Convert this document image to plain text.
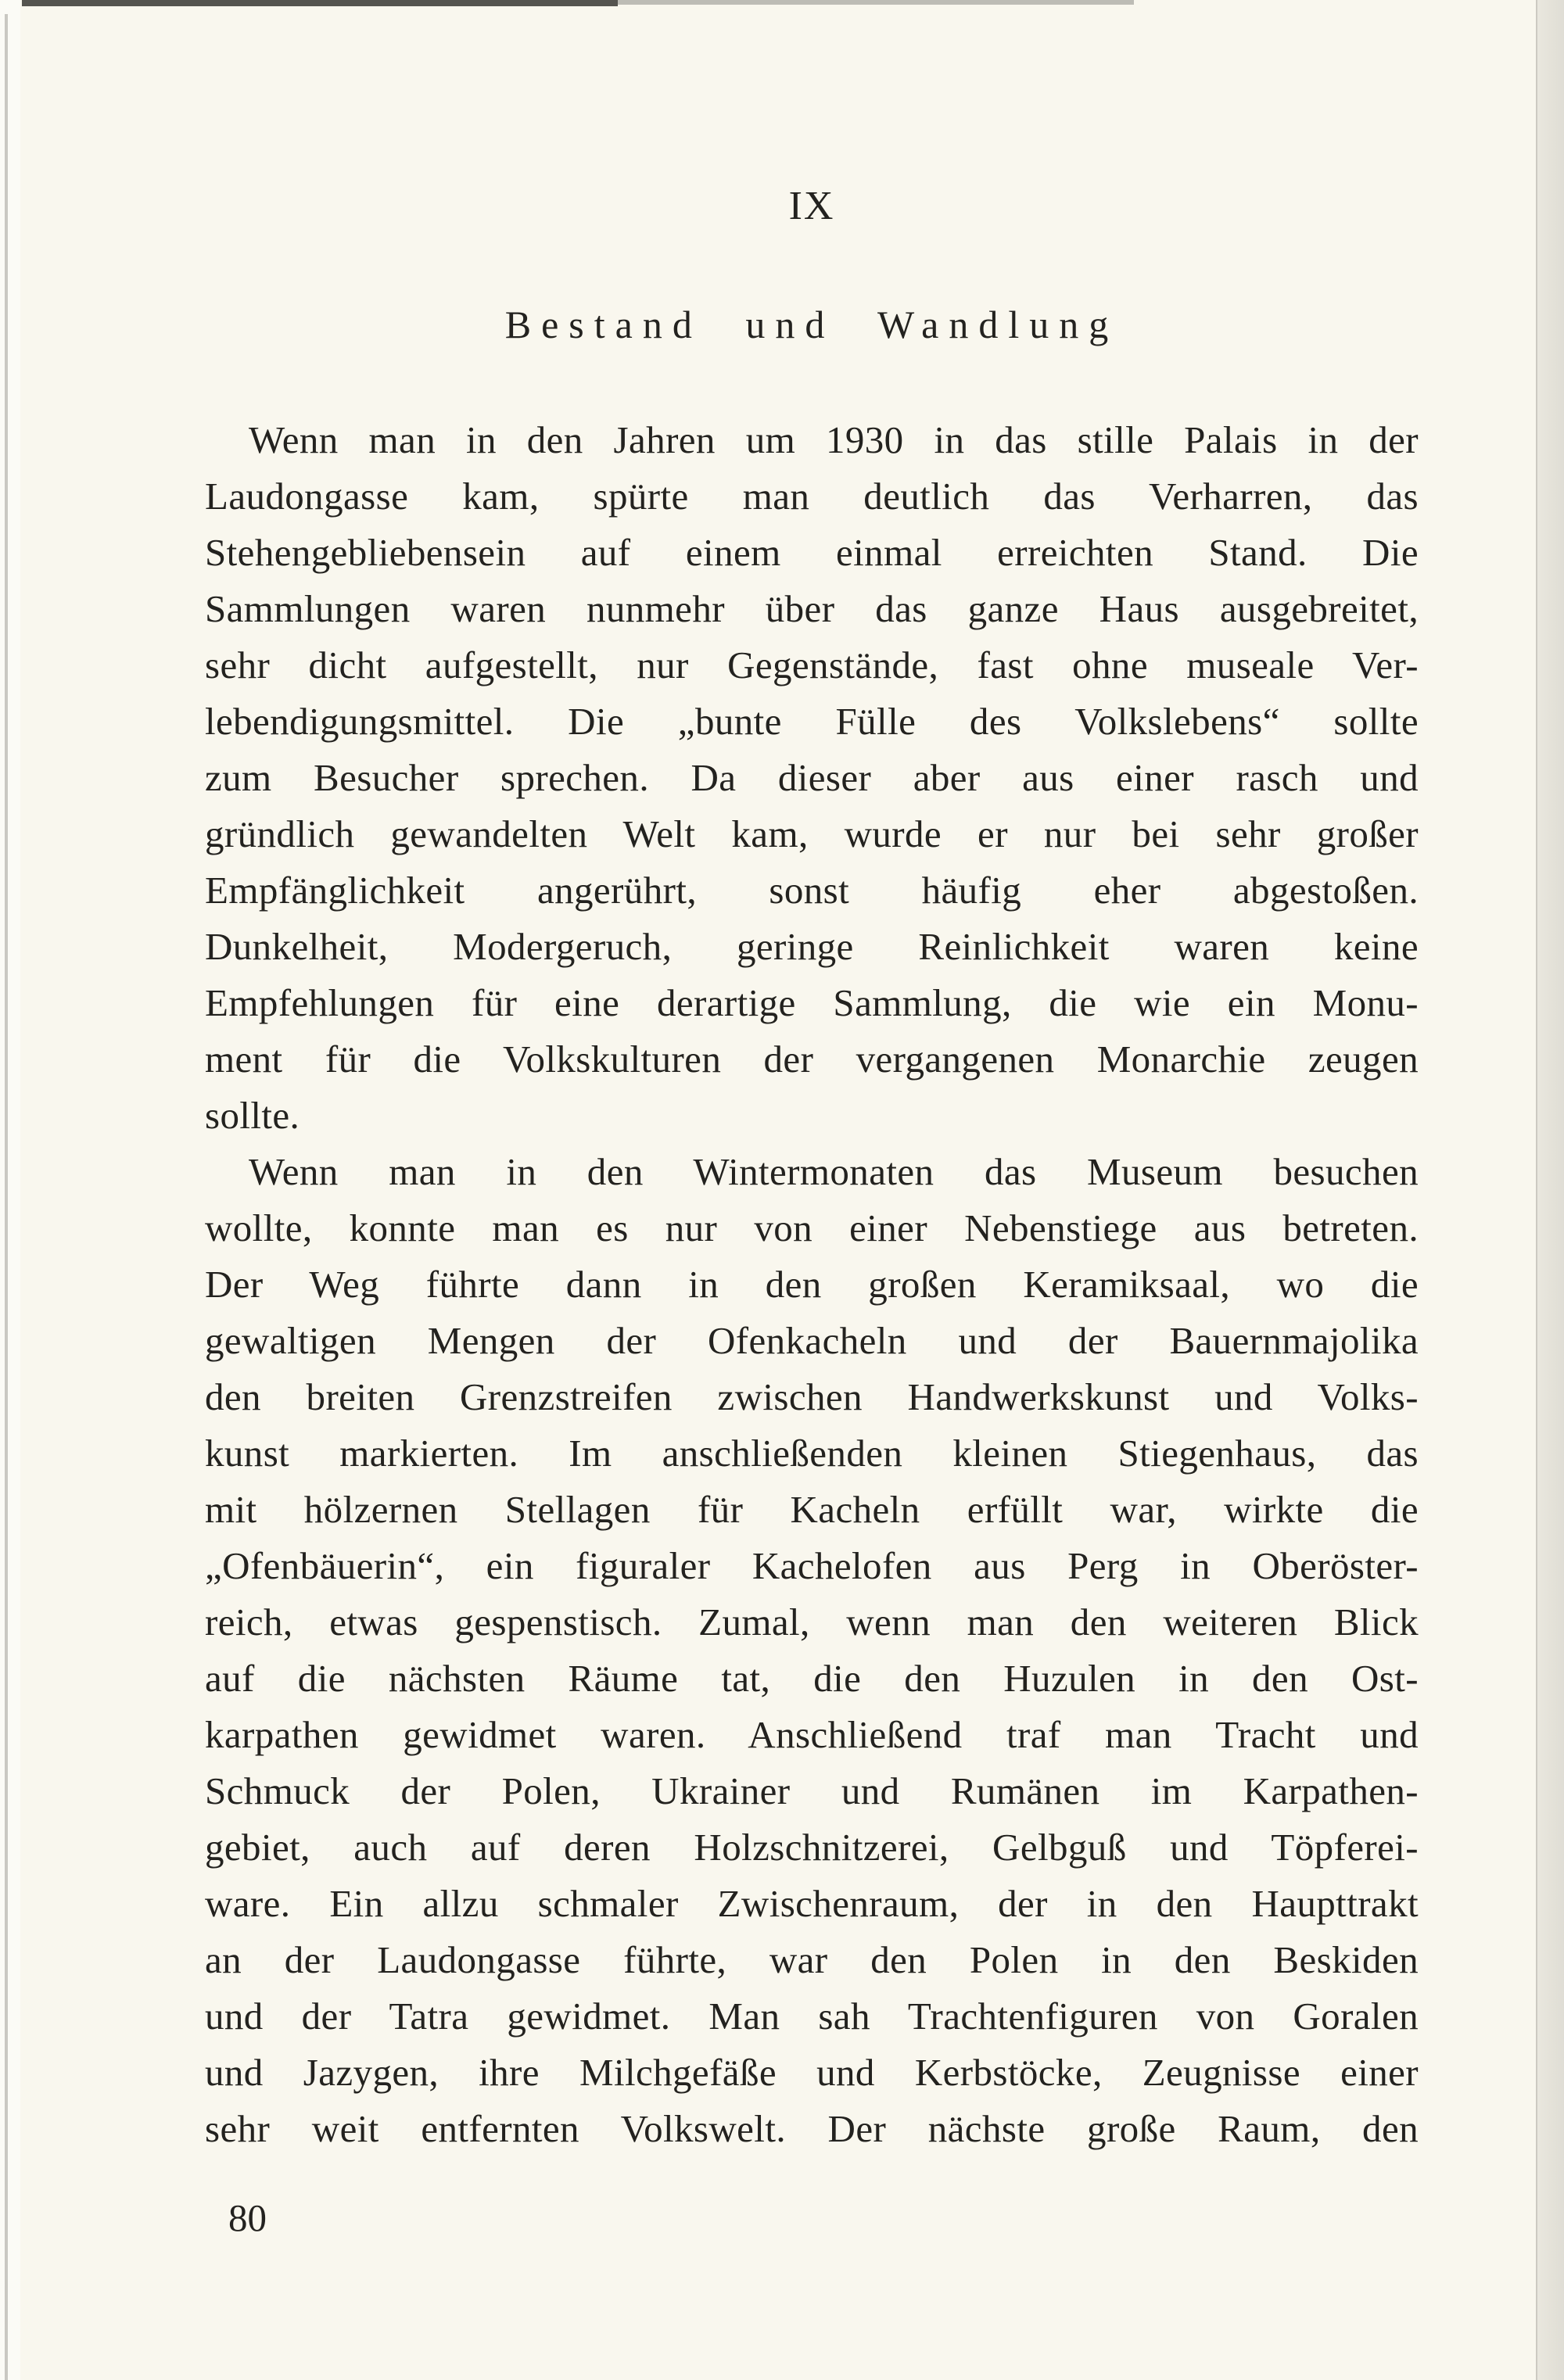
IX
Bestand und Wandlung
Wenn man in den Jahren um 1930 in das stille Palais in der
Laudongasse kam, spürte man deutlich das Verharren, das
Stehengebliebensein auf einem einmal erreichten Stand. Die
Sammlungen waren nunmehr über das ganze Haus ausgebreitet,
sehr dicht aufgestellt, nur Gegenstände, fast ohne museale Ver-
lebendigungsmittel. Die „bunte Fülle des Volkslebens“ sollte
zum Besucher sprechen. Da dieser aber aus einer rasch und
gründlich gewandelten Welt kam, wurde er nur bei sehr großer
Empfänglichkeit angerührt, sonst häufig eher abgestoßen.
Dunkelheit, Modergeruch, geringe Reinlichkeit waren keine
Empfehlungen für eine derartige Sammlung, die wie ein Monu-
ment für die Volkskulturen der vergangenen Monarchie zeugen
sollte.
Wenn man in den Wintermonaten das Museum besuchen
wollte, konnte man es nur von einer Nebenstiege aus betreten.
Der Weg führte dann in den großen Keramiksaal, wo die
gewaltigen Mengen der Ofenkacheln und der Bauernmajolika
den breiten Grenzstreifen zwischen Handwerkskunst und Volks-
kunst markierten. Im anschließenden kleinen Stiegenhaus, das
mit hölzernen Stellagen für Kacheln erfüllt war, wirkte die
„Ofenbäuerin“, ein figuraler Kachelofen aus Perg in Oberöster-
reich, etwas gespenstisch. Zumal, wenn man den weiteren Blick
auf die nächsten Räume tat, die den Huzulen in den Ost-
karpathen gewidmet waren. Anschließend traf man Tracht und
Schmuck der Polen, Ukrainer und Rumänen im Karpathen-
gebiet, auch auf deren Holzschnitzerei, Gelbguß und Töpferei-
ware. Ein allzu schmaler Zwischenraum, der in den Haupttrakt
an der Laudongasse führte, war den Polen in den Beskiden
und der Tatra gewidmet. Man sah Trachtenfiguren von Goralen
und Jazygen, ihre Milchgefäße und Kerbstöcke, Zeugnisse einer
sehr weit entfernten Volkswelt. Der nächste große Raum, den
80
